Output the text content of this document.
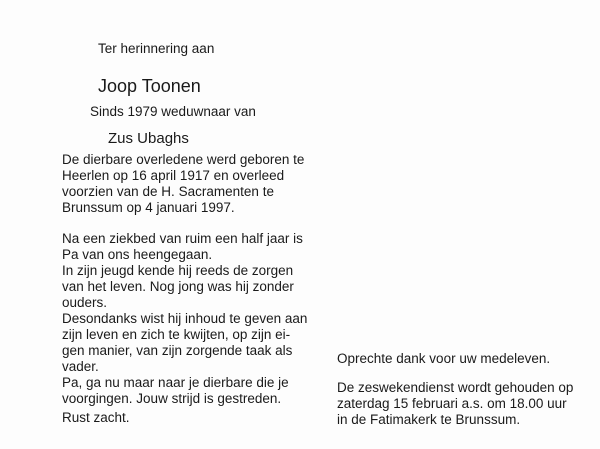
Ter herinnering aan
Joop Toonen
Sinds 1979 weduwnaar van
Zus Ubaghs
De dierbare overledene werd geboren te
Heerlen op 16 april 1917 en overleed
voorzien van de H. Sacramenten te
Brunssum op 4 januari 1997.
Na een ziekbed van ruim een half jaar is
Pa van ons heengegaan.
In zijn jeugd kende hij reeds de zorgen
van het leven. Nog jong was hij zonder
ouders.
Desondanks wist hij inhoud te geven aan
zijn leven en zich te kwijten, op zijn ei-
gen manier, van zijn zorgende taak als
vader.
Pa, ga nu maar naar je dierbare die je
voorgingen. Jouw strijd is gestreden.
Rust zacht.
Oprechte dank voor uw medeleven.
De zeswekendienst wordt gehouden op
zaterdag 15 februari a.s. om 18.00 uur
in de Fatimakerk te Brunssum.
